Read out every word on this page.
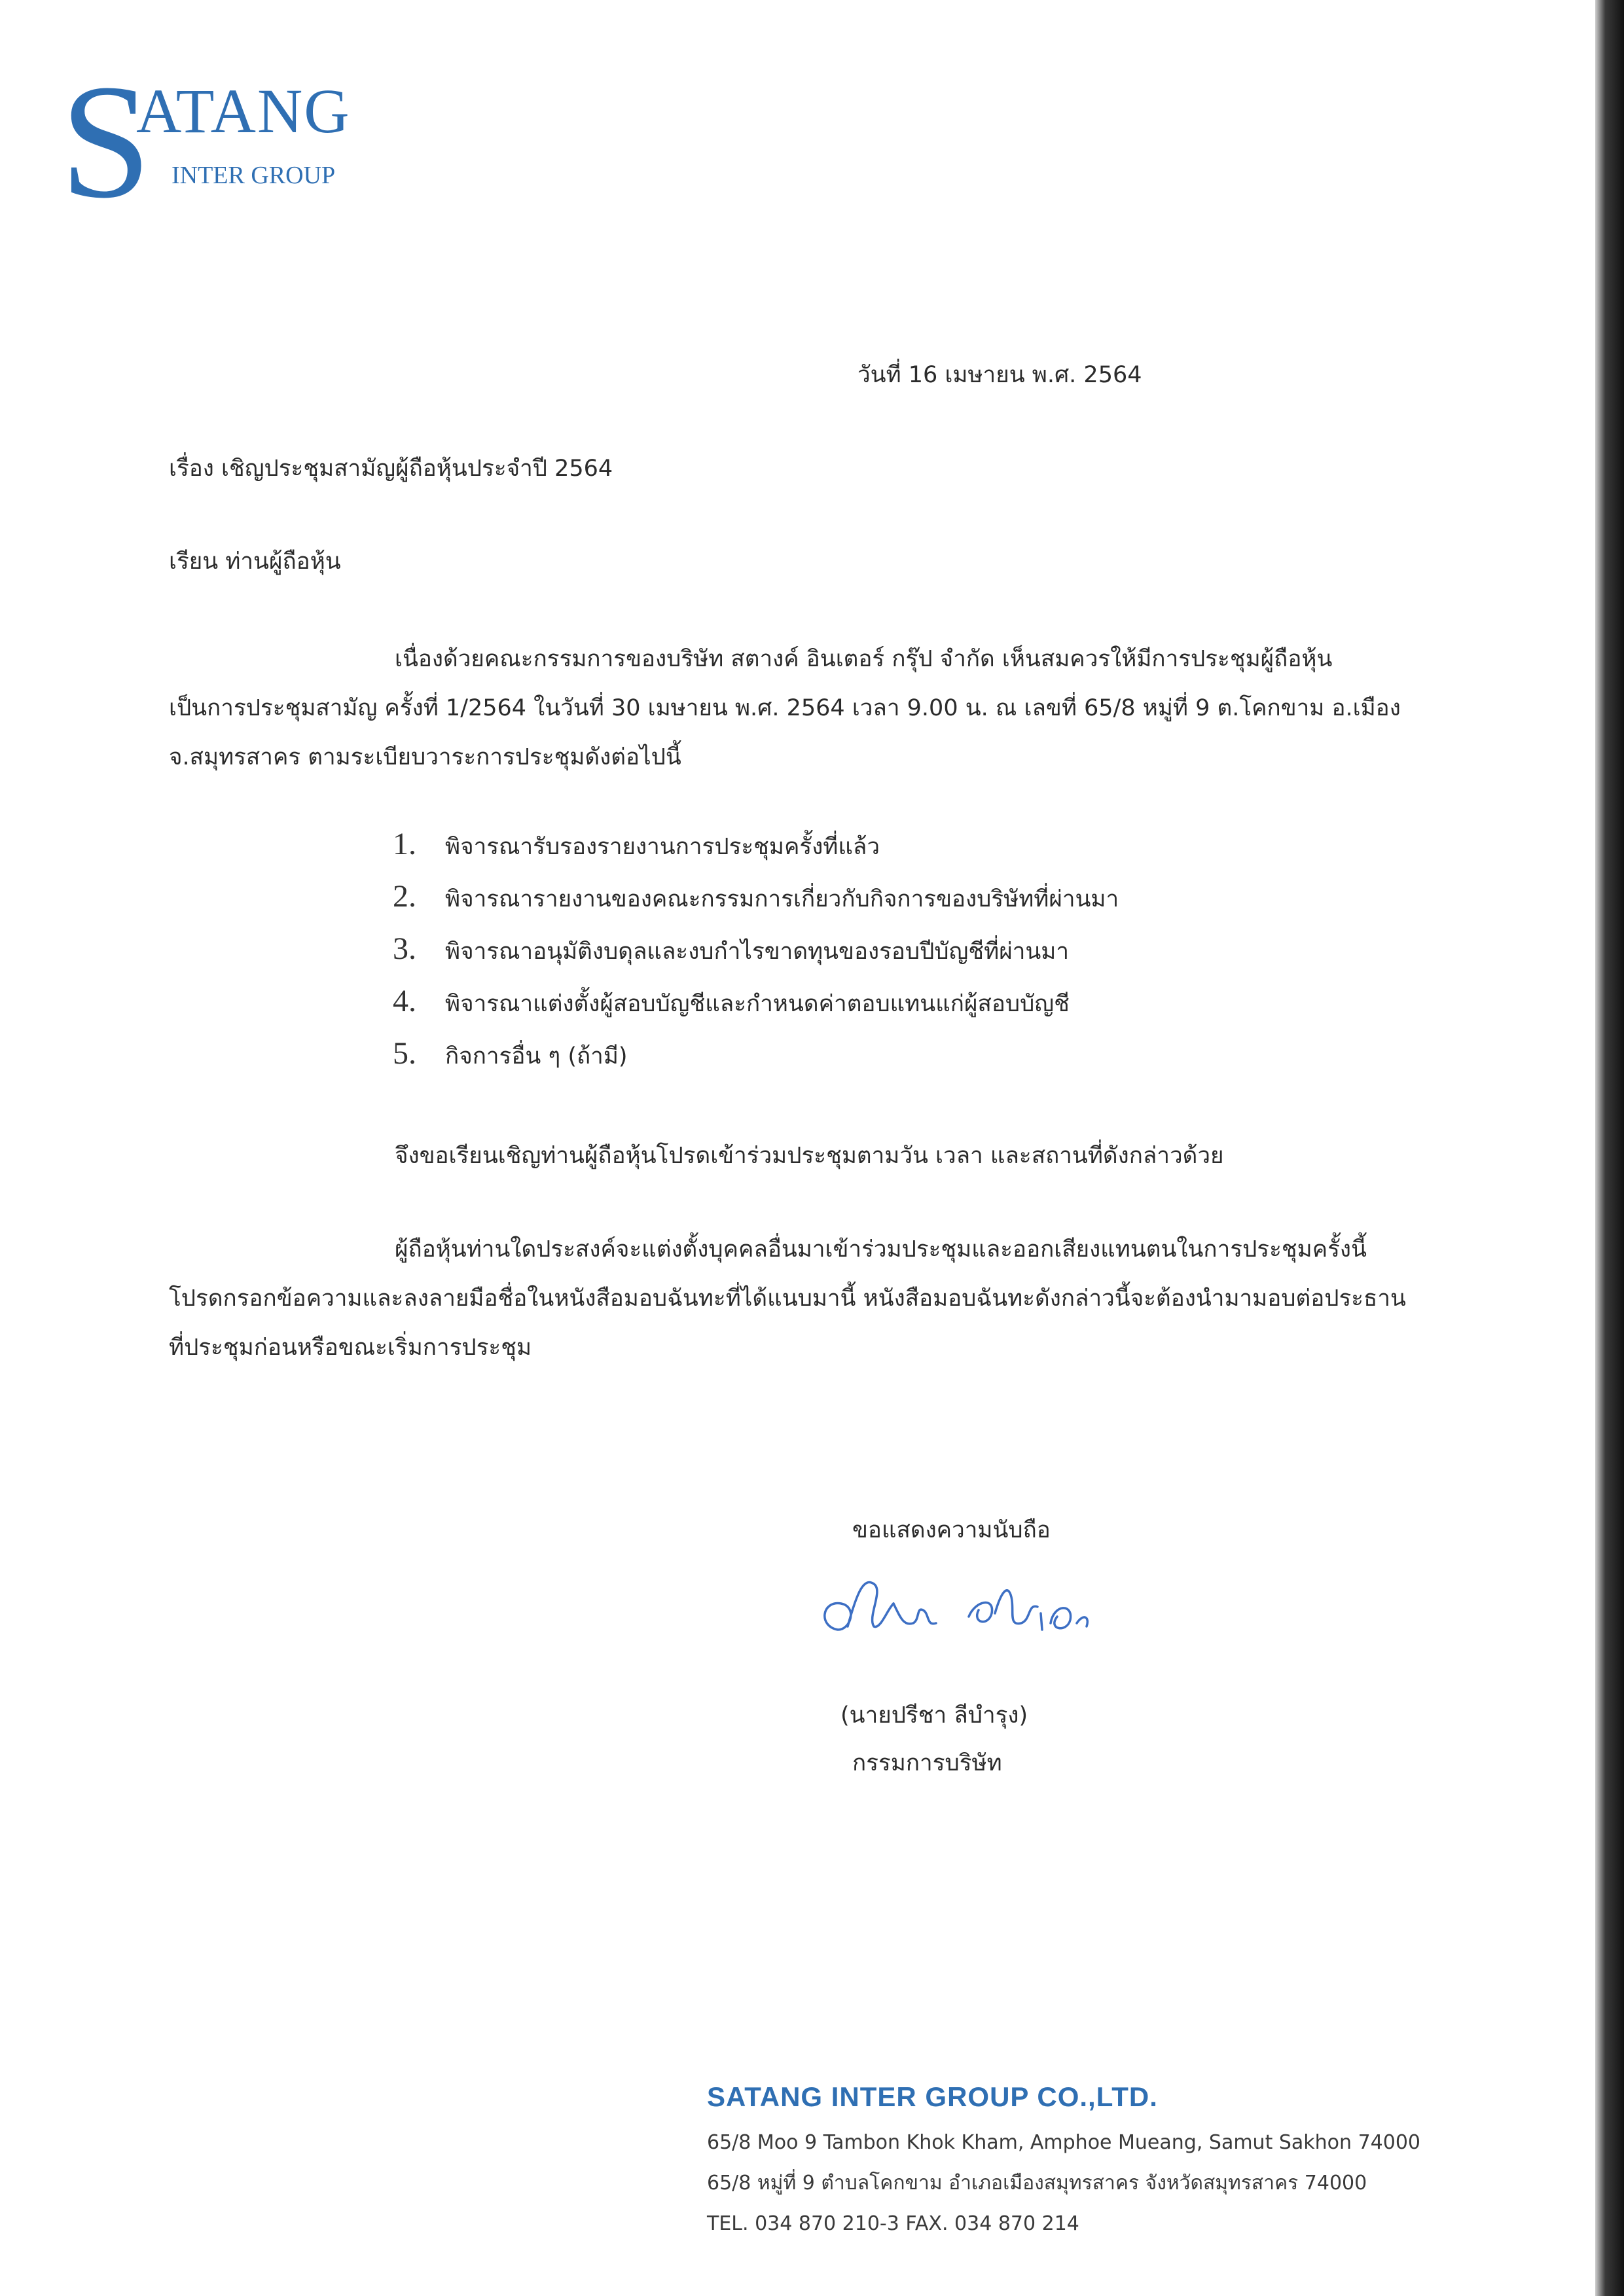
S
ATANG
INTER GROUP
วันที่ 16 เมษายน พ.ศ. 2564
เรื่อง เชิญประชุมสามัญผู้ถือหุ้นประจำปี 2564
เรียน ท่านผู้ถือหุ้น
เนื่องด้วยคณะกรรมการของบริษัท สตางค์ อินเตอร์ กรุ๊ป จำกัด เห็นสมควรให้มีการประชุมผู้ถือหุ้น เป็นการประชุมสามัญ ครั้งที่ 1/2564 ในวันที่ 30 เมษายน พ.ศ. 2564 เวลา 9.00 น. ณ เลขที่ 65/8 หมู่ที่ 9 ต.โคกขาม อ.เมือง จ.สมุทรสาคร ตามระเบียบวาระการประชุมดังต่อไปนี้
1.	พิจารณารับรองรายงานการประชุมครั้งที่แล้ว
2.	พิจารณารายงานของคณะกรรมการเกี่ยวกับกิจการของบริษัทที่ผ่านมา
3.	พิจารณาอนุมัติงบดุลและงบกำไรขาดทุนของรอบปีบัญชีที่ผ่านมา
4.	พิจารณาแต่งตั้งผู้สอบบัญชีและกำหนดค่าตอบแทนแก่ผู้สอบบัญชี
5.	กิจการอื่น ๆ (ถ้ามี)
จึงขอเรียนเชิญท่านผู้ถือหุ้นโปรดเข้าร่วมประชุมตามวัน เวลา และสถานที่ดังกล่าวด้วย
ผู้ถือหุ้นท่านใดประสงค์จะแต่งตั้งบุคคลอื่นมาเข้าร่วมประชุมและออกเสียงแทนตนในการประชุมครั้งนี้ โปรดกรอกข้อความและลงลายมือชื่อในหนังสือมอบฉันทะที่ได้แนบมานี้ หนังสือมอบฉันทะดังกล่าวนี้จะต้องนำมามอบต่อประธานที่ประชุมก่อนหรือขณะเริ่มการประชุม
ขอแสดงความนับถือ
(นายปรีชา ลีบำรุง)
กรรมการบริษัท
SATANG INTER GROUP CO.,LTD.
65/8 Moo 9 Tambon Khok Kham, Amphoe Mueang, Samut Sakhon 74000
65/8 หมู่ที่ 9 ตำบลโคกขาม อำเภอเมืองสมุทรสาคร จังหวัดสมุทรสาคร 74000
TEL. 034 870 210-3 FAX. 034 870 214
